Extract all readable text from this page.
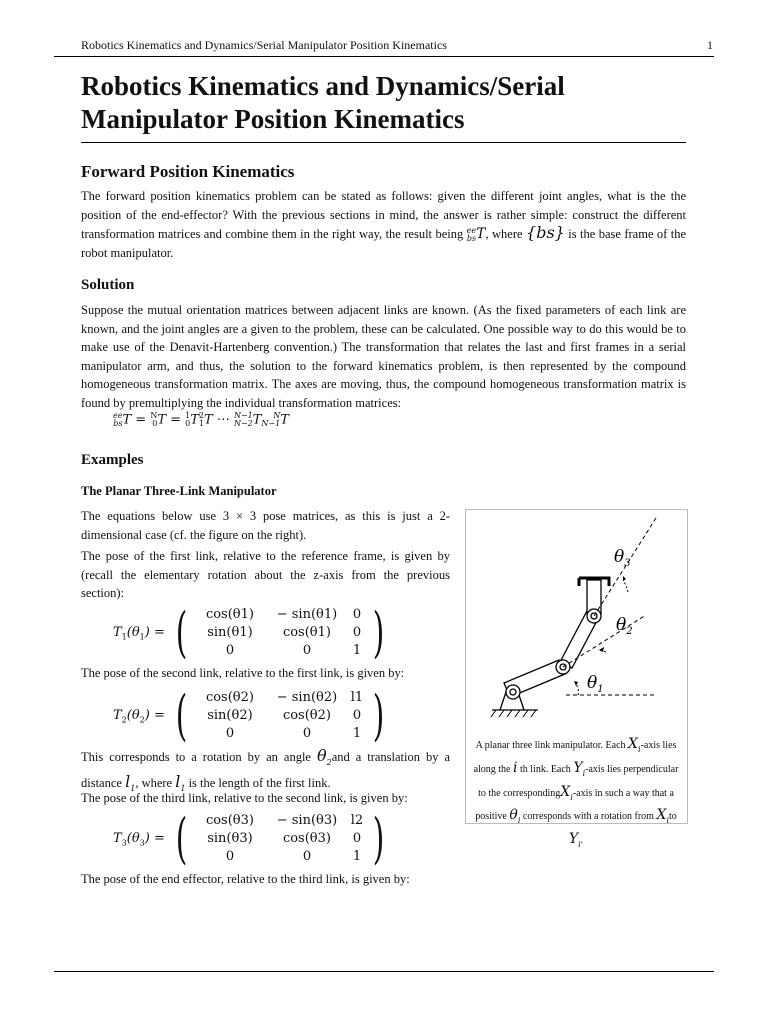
Robotics Kinematics and Dynamics/Serial Manipulator Position Kinematics	1
Robotics Kinematics and Dynamics/Serial Manipulator Position Kinematics
Forward Position Kinematics

The forward position kinematics problem can be stated as follows: given the different joint angles, what is the the position of the end-effector? With the previous sections in mind, the answer is rather simple: construct the different transformation matrices and combine them in the right way, the result being ee
bsT, where {bs} is the base frame of the robot manipulator.

Solution

Suppose the mutual orientation matrices between adjacent links are known. (As the fixed parameters of each link are known, and the joint angles are a given to the problem, these can be calculated. One possible way to do this would be to make use of the Denavit-Hartenberg convention.) The transformation that relates the last and first frames in a serial manipulator arm, and thus, the solution to the forward kinematics problem, is then represented by the compound homogeneous transformation matrix. The axes are moving, thus, the compound homogeneous transformation matrix is found by premultiplying the individual transformation matrices:

ee
bsT = N
0T = 1
0T2
1T ⋯ N−1
N−2T N
N−1T
Examples
The Planar Three-Link Manipulator

The equations below use 3 × 3 pose matrices, as this is just a 2-dimensional case (cf. the figure on the right).

The pose of the first link, relative to the reference frame, is given by (recall the elementary rotation about the z-axis from the previous section):

$T_1(\theta_1)$ = (	cos(θ1)	− sin(θ1)	0
sin(θ1)	cos(θ1)	0
0	0	1 )

The pose of the second link, relative to the first link, is given by:

$T_2(\theta_2)$ = (	cos(θ2)	− sin(θ2)	l1
sin(θ2)	cos(θ2)	0
0	0	1 )

This corresponds to a rotation by an angle $\theta_2and$ a translation by a distance $l_1$, where $l_1$ is the length of the first link.

The pose of the third link, relative to the second link, is given by:

$T_3(\theta_3)$ = (	cos(θ3)	− sin(θ3)	l2
sin(θ3)	cos(θ3)	0
0	0	1 )

The pose of the end effector, relative to the third link, is given by:

$\theta_1$
$\theta_2$
$\theta_3$
A planar three link manipulator. Each $X_i$-axis lies along the i th link. Each $Y_i$-axis lies perpendicular to the correspondingX$_i$-axis in such a way that a positive $\theta_i$ corresponds with a rotation from $X_ito$ $Y_i$.
